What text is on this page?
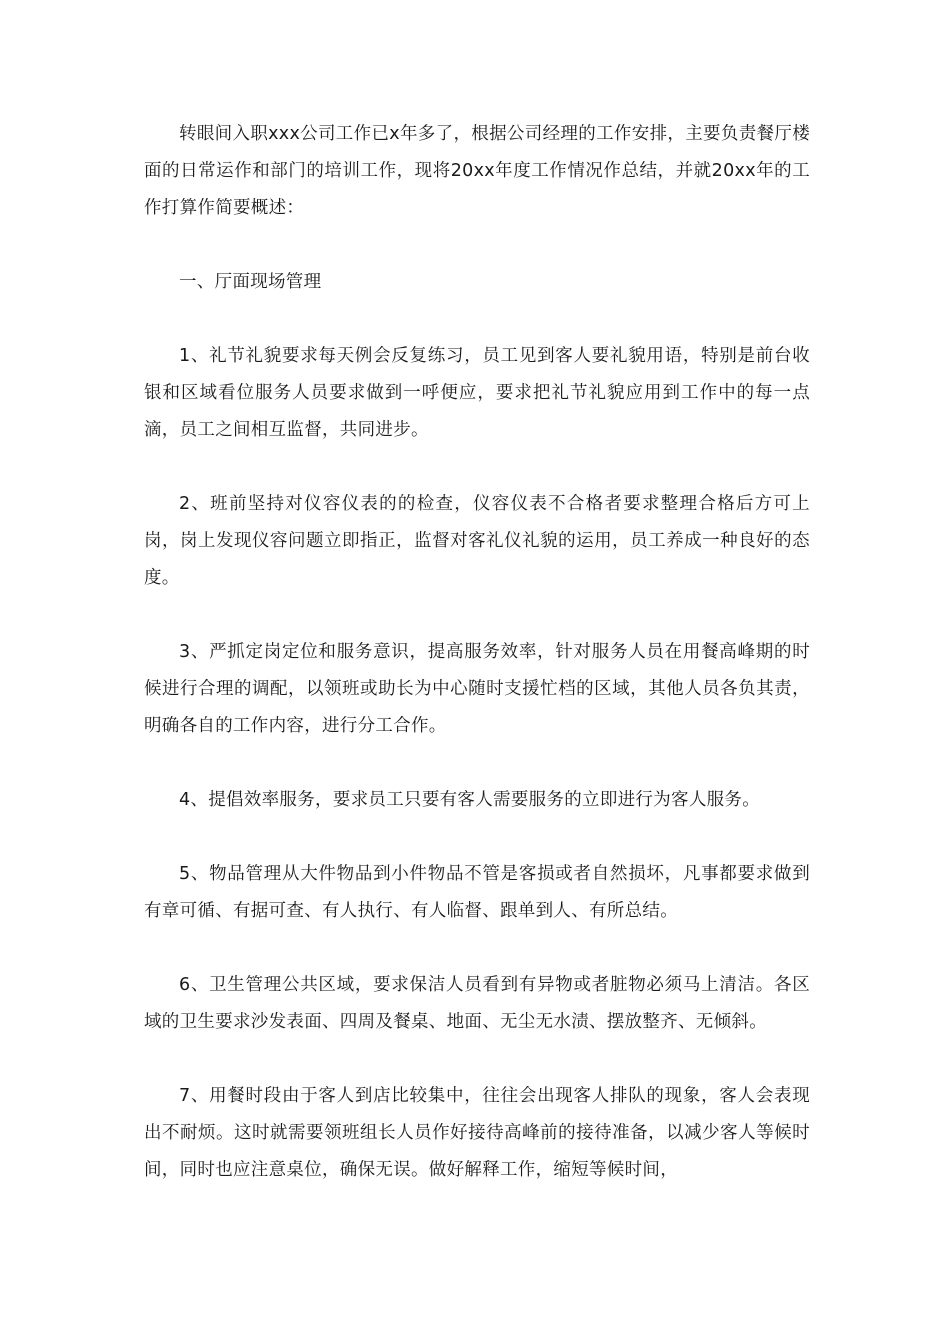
转眼间入职xxx公司工作已x年多了，根据公司经理的工作安排，主要负责餐厅楼面的日常运作和部门的培训工作，现将20xx年度工作情况作总结，并就20xx年的工作打算作简要概述：

一、厅面现场管理

1、礼节礼貌要求每天例会反复练习，员工见到客人要礼貌用语，特别是前台收银和区域看位服务人员要求做到一呼便应，要求把礼节礼貌应用到工作中的每一点滴，员工之间相互监督，共同进步。

2、班前坚持对仪容仪表的的检查，仪容仪表不合格者要求整理合格后方可上岗，岗上发现仪容问题立即指正，监督对客礼仪礼貌的运用，员工养成一种良好的态度。

3、严抓定岗定位和服务意识，提高服务效率，针对服务人员在用餐高峰期的时候进行合理的调配，以领班或助长为中心随时支援忙档的区域，其他人员各负其责，明确各自的工作内容，进行分工合作。

4、提倡效率服务，要求员工只要有客人需要服务的立即进行为客人服务。

5、物品管理从大件物品到小件物品不管是客损或者自然损坏，凡事都要求做到有章可循、有据可查、有人执行、有人临督、跟单到人、有所总结。

6、卫生管理公共区域，要求保洁人员看到有异物或者脏物必须马上清洁。各区域的卫生要求沙发表面、四周及餐桌、地面、无尘无水渍、摆放整齐、无倾斜。

7、用餐时段由于客人到店比较集中，往往会出现客人排队的现象，客人会表现出不耐烦。这时就需要领班组长人员作好接待高峰前的接待准备，以减少客人等候时间，同时也应注意桌位，确保无误。做好解释工作，缩短等候时间，
